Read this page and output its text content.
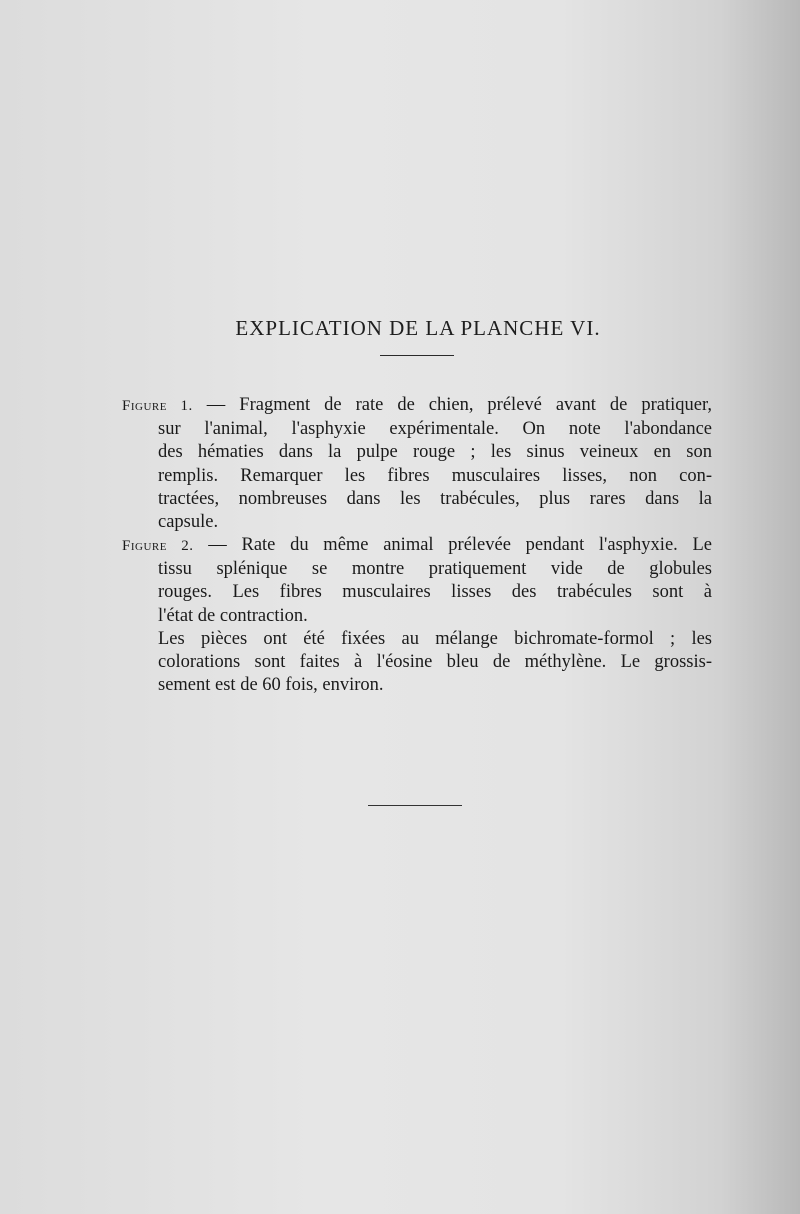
EXPLICATION DE LA PLANCHE VI.
Figure 1. — Fragment de rate de chien, prélevé avant de pratiquer,
sur l'animal, l'asphyxie expérimentale. On note l'abondance
des hématies dans la pulpe rouge ; les sinus veineux en son
remplis. Remarquer les fibres musculaires lisses, non con-
tractées, nombreuses dans les trabécules, plus rares dans la
capsule.
Figure 2. — Rate du même animal prélevée pendant l'asphyxie. Le
tissu splénique se montre pratiquement vide de globules
rouges. Les fibres musculaires lisses des trabécules sont à
l'état de contraction.
Les pièces ont été fixées au mélange bichromate-formol ; les
colorations sont faites à l'éosine bleu de méthylène. Le grossis-
sement est de 60 fois, environ.
